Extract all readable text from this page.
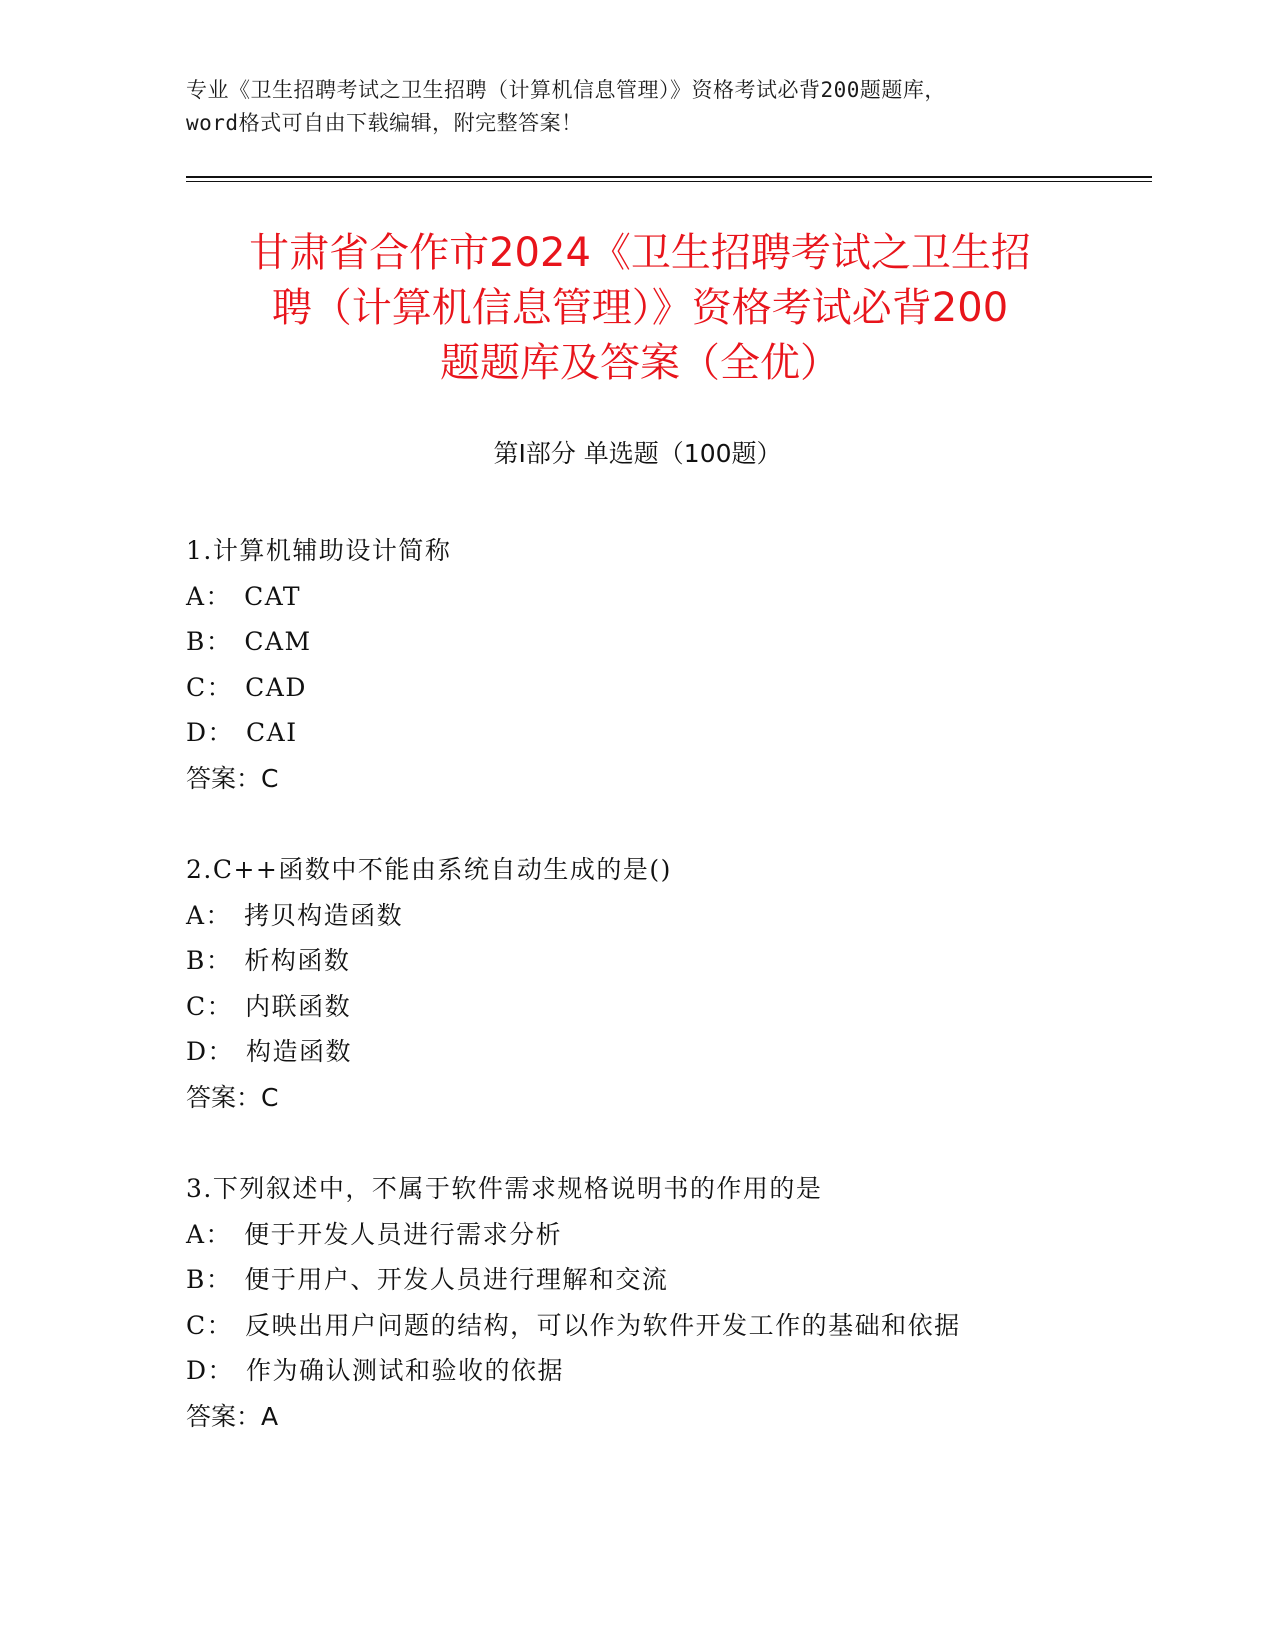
专业《卫生招聘考试之卫生招聘（计算机信息管理）》资格考试必背200题题库，
word格式可自由下载编辑，附完整答案！
甘肃省合作市2024《卫生招聘考试之卫生招
聘（计算机信息管理）》资格考试必背200
题题库及答案（全优）
第Ⅰ部分 单选题（100题）
1.计算机辅助设计简称
A： CAT
B： CAM
C： CAD
D： CAI
答案：C
2.C++函数中不能由系统自动生成的是()
A： 拷贝构造函数
B： 析构函数
C： 内联函数
D： 构造函数
答案：C
3.下列叙述中，不属于软件需求规格说明书的作用的是
A： 便于开发人员进行需求分析
B： 便于用户、开发人员进行理解和交流
C： 反映出用户问题的结构，可以作为软件开发工作的基础和依据
D： 作为确认测试和验收的依据
答案：A
